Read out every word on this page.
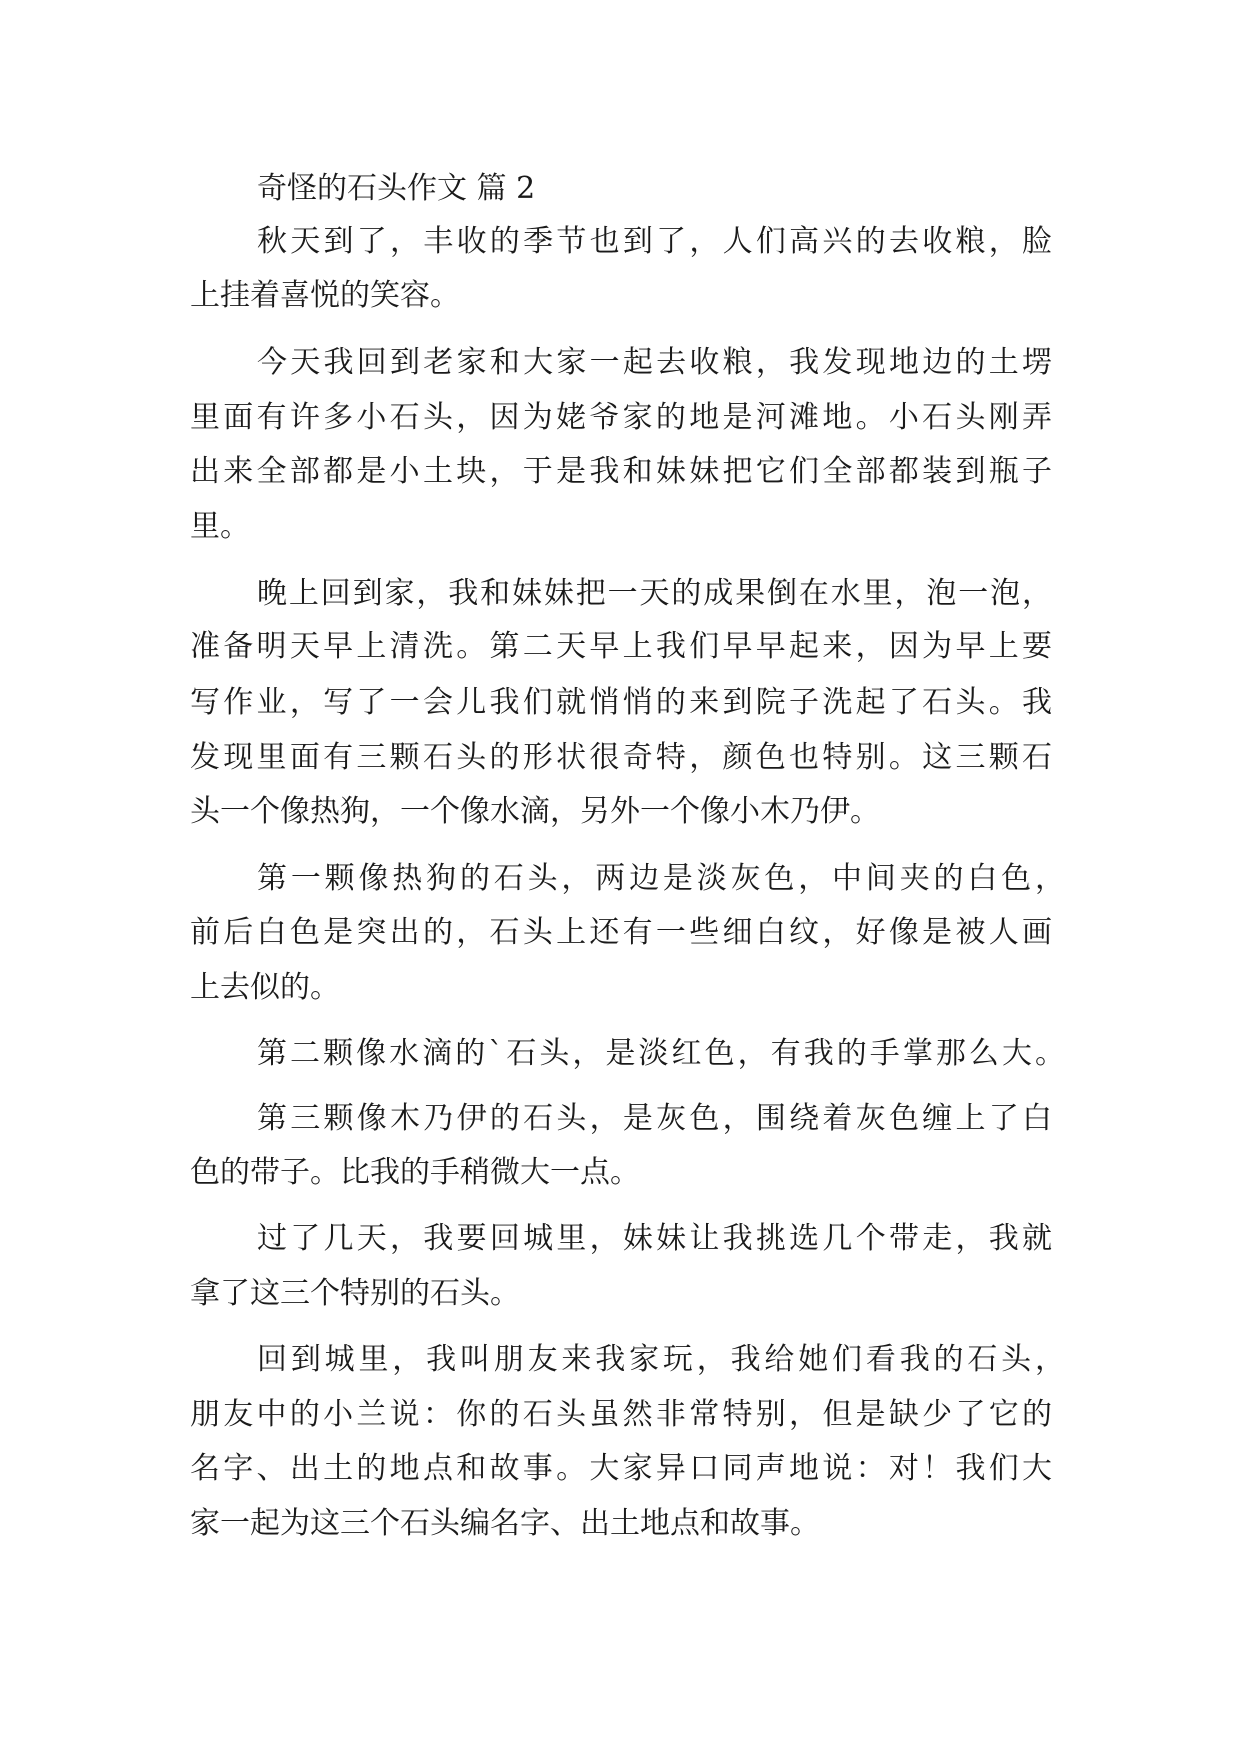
奇怪的石头作文 篇 2
秋天到了，丰收的季节也到了，人们高兴的去收粮，脸
上挂着喜悦的笑容。
今天我回到老家和大家一起去收粮，我发现地边的土塄
里面有许多小石头，因为姥爷家的地是河滩地。小石头刚弄
出来全部都是小土块，于是我和妹妹把它们全部都装到瓶子
里。
晚上回到家，我和妹妹把一天的成果倒在水里，泡一泡，
准备明天早上清洗。第二天早上我们早早起来，因为早上要
写作业，写了一会儿我们就悄悄的来到院子洗起了石头。我
发现里面有三颗石头的形状很奇特，颜色也特别。这三颗石
头一个像热狗，一个像水滴，另外一个像小木乃伊。
第一颗像热狗的石头，两边是淡灰色，中间夹的白色，
前后白色是突出的，石头上还有一些细白纹，好像是被人画
上去似的。
第二颗像水滴的`石头，是淡红色，有我的手掌那么大。
第三颗像木乃伊的石头，是灰色，围绕着灰色缠上了白
色的带子。比我的手稍微大一点。
过了几天，我要回城里，妹妹让我挑选几个带走，我就
拿了这三个特别的石头。
回到城里，我叫朋友来我家玩，我给她们看我的石头，
朋友中的小兰说：你的石头虽然非常特别，但是缺少了它的
名字、出土的地点和故事。大家异口同声地说：对！我们大
家一起为这三个石头编名字、出土地点和故事。
